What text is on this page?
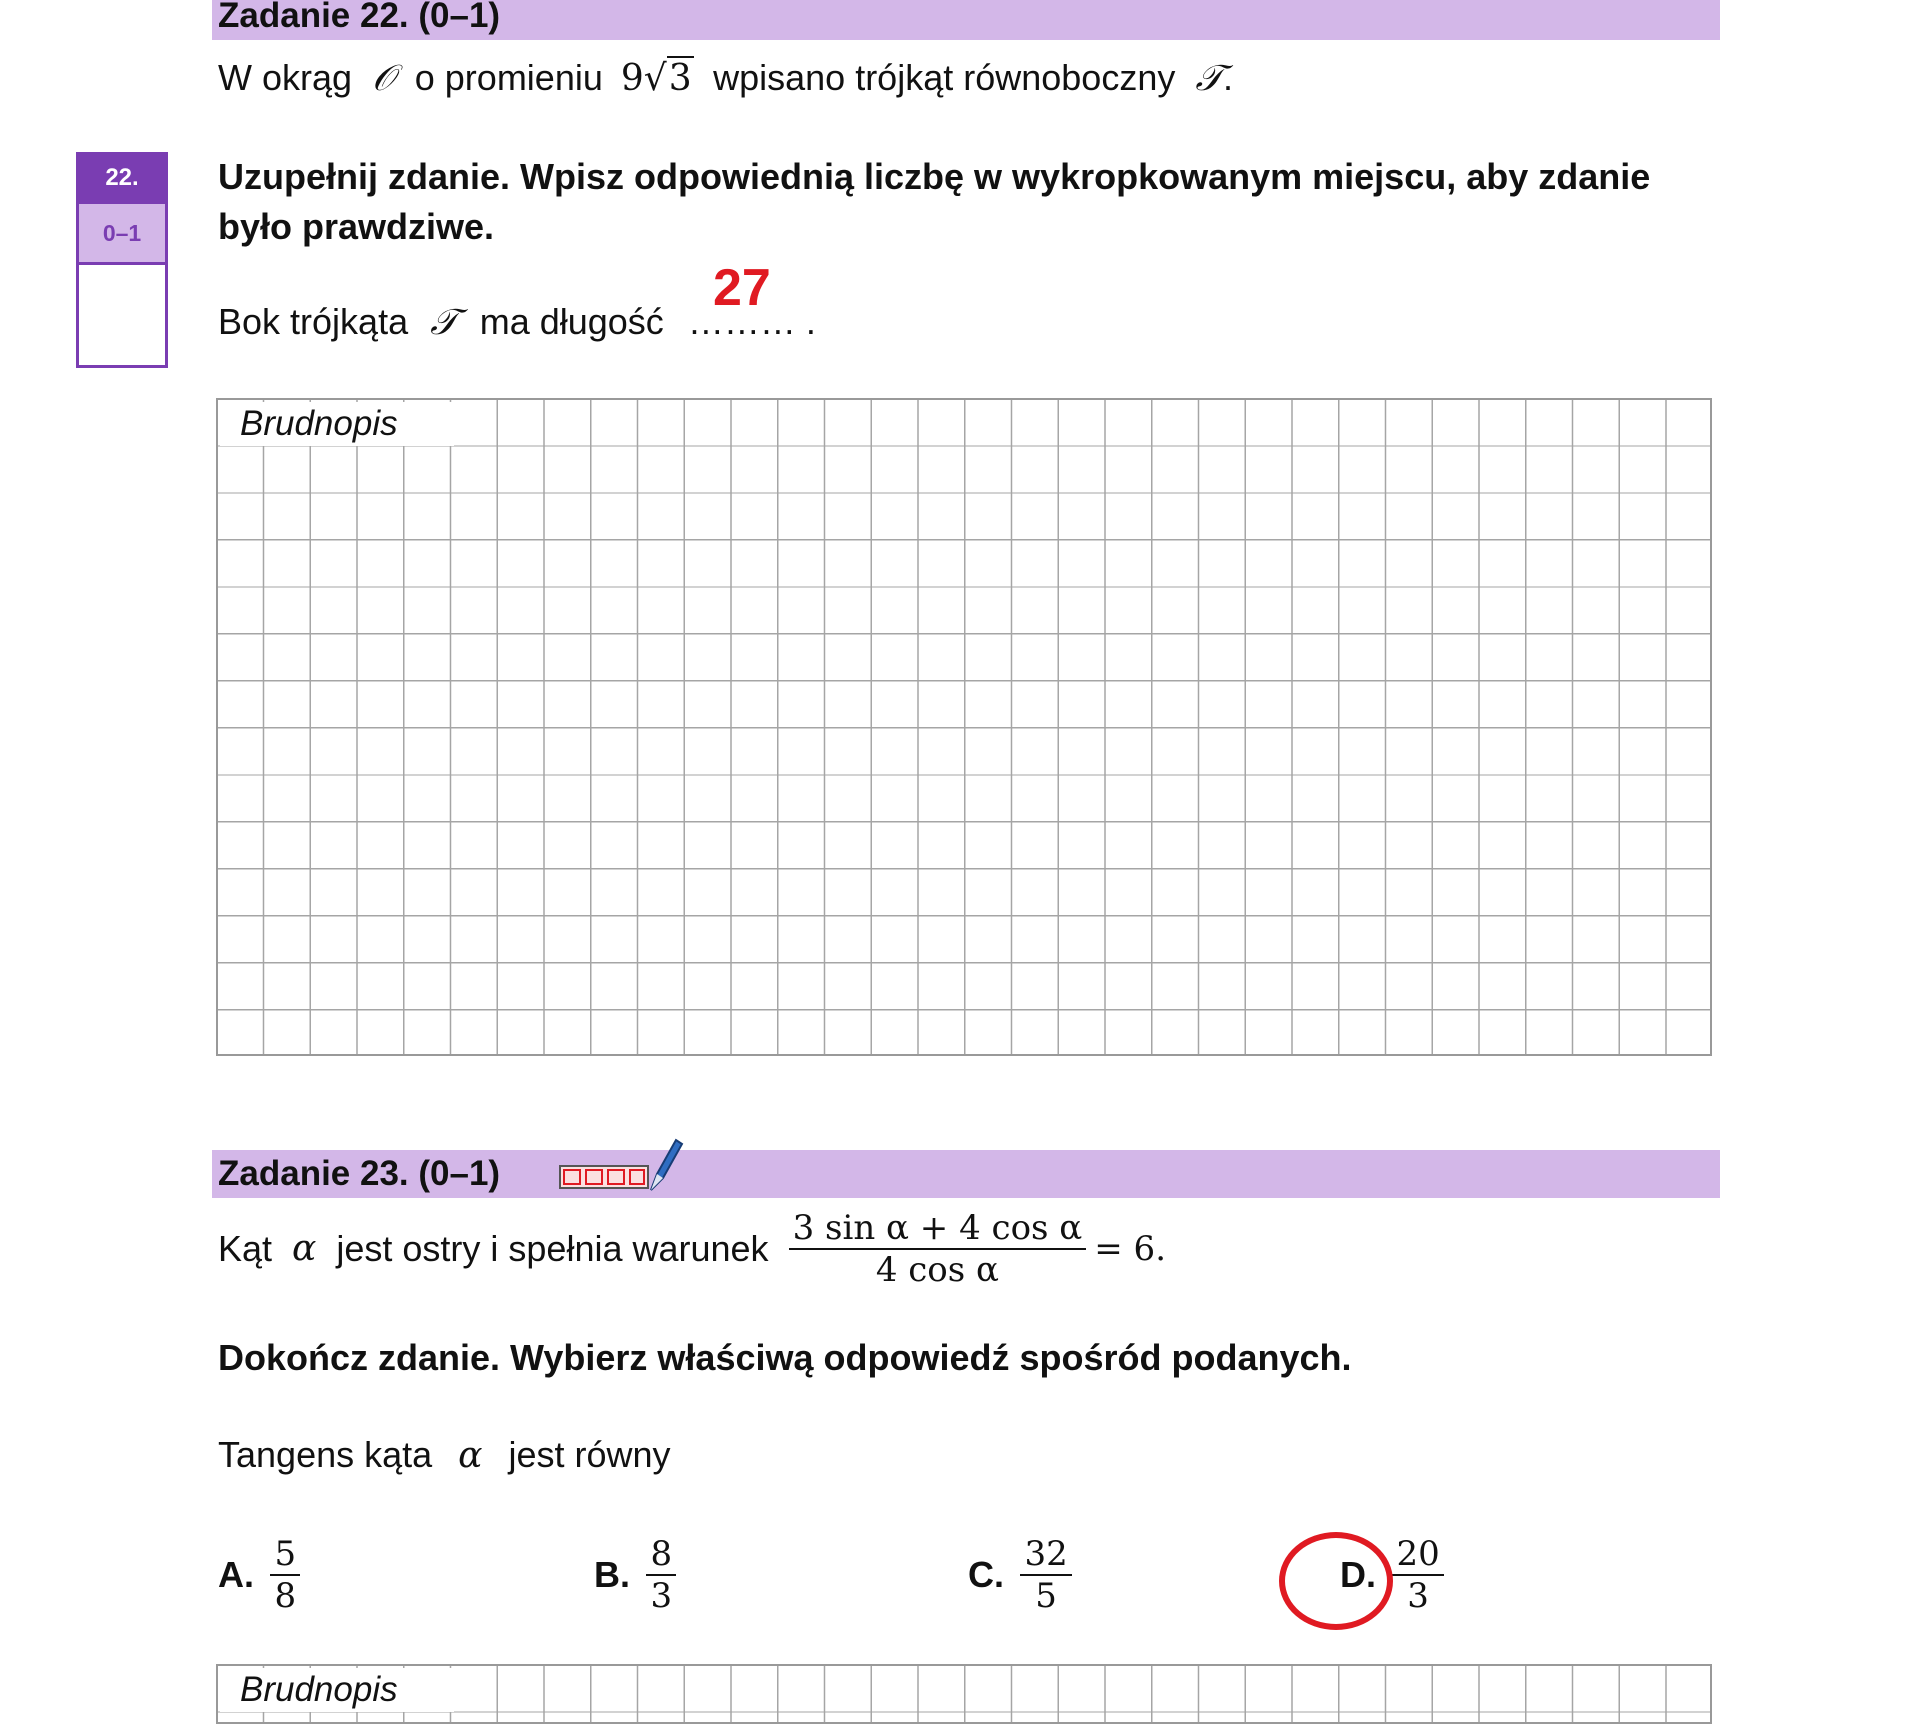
Zadanie 22. (0–1)
W okrąg 𝒪 o promieniu 9√3 wpisano trójkąt równoboczny 𝒯.
22.
0–1
Uzupełnij zdanie. Wpisz odpowiednią liczbę w wykropkowanym miejscu, aby zdanie
było prawdziwe.
27
Bok trójkąta 𝒯 ma długość ……… .
Brudnopis
Zadanie 23. (0–1)
Kąt α jest ostry i spełnia warunek $\frac{\text{3 sin α + 4 cos α}}{\text{4 cos α}} = 6$.
Dokończ zdanie. Wybierz właściwą odpowiedź spośród podanych.
Tangens kąta α jest równy
A. $\frac{5}{8}$	B. $\frac{8}{3}$	C. $\frac{32}{5}$	D. $\frac{20}{3}$
Brudnopis
